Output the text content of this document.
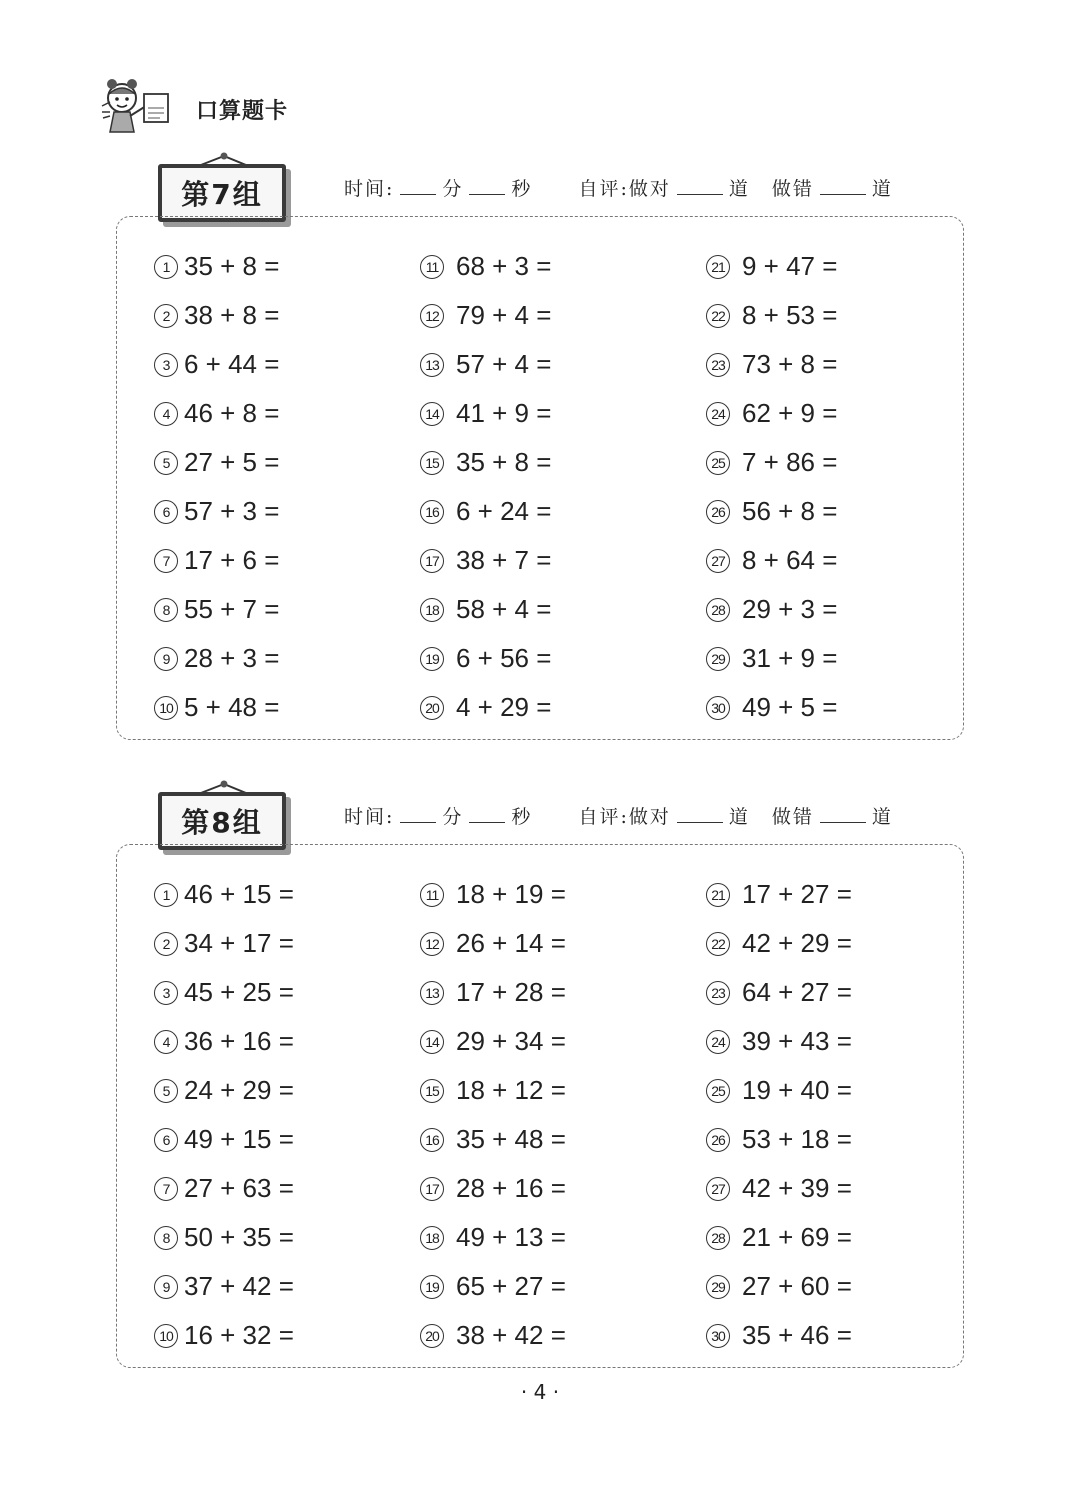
口算题卡
第7组	时间:	分	秒 自评:做对	道 做错	道
1 35 + 8 =
2 38 + 8 =
3 6 + 44 =
4 46 + 8 =
5 27 + 5 =
6 57 + 3 =
7 17 + 6 =
8 55 + 7 =
9 28 + 3 =
10 5 + 48 =
11 68 + 3 =
12 79 + 4 =
13 57 + 4 =
14 41 + 9 =
15 35 + 8 =
16 6 + 24 =
17 38 + 7 =
18 58 + 4 =
19 6 + 56 =
20 4 + 29 =
21 9 + 47 =
22 8 + 53 =
23 73 + 8 =
24 62 + 9 =
25 7 + 86 =
26 56 + 8 =
27 8 + 64 =
28 29 + 3 =
29 31 + 9 =
30 49 + 5 =
第8组	时间:	分	秒 自评:做对	道 做错	道
1 46 + 15 =
2 34 + 17 =
3 45 + 25 =
4 36 + 16 =
5 24 + 29 =
6 49 + 15 =
7 27 + 63 =
8 50 + 35 =
9 37 + 42 =
10 16 + 32 =
11 18 + 19 =
12 26 + 14 =
13 17 + 28 =
14 29 + 34 =
15 18 + 12 =
16 35 + 48 =
17 28 + 16 =
18 49 + 13 =
19 65 + 27 =
20 38 + 42 =
21 17 + 27 =
22 42 + 29 =
23 64 + 27 =
24 39 + 43 =
25 19 + 40 =
26 53 + 18 =
27 42 + 39 =
28 21 + 69 =
29 27 + 60 =
30 35 + 46 =
· 4 ·
